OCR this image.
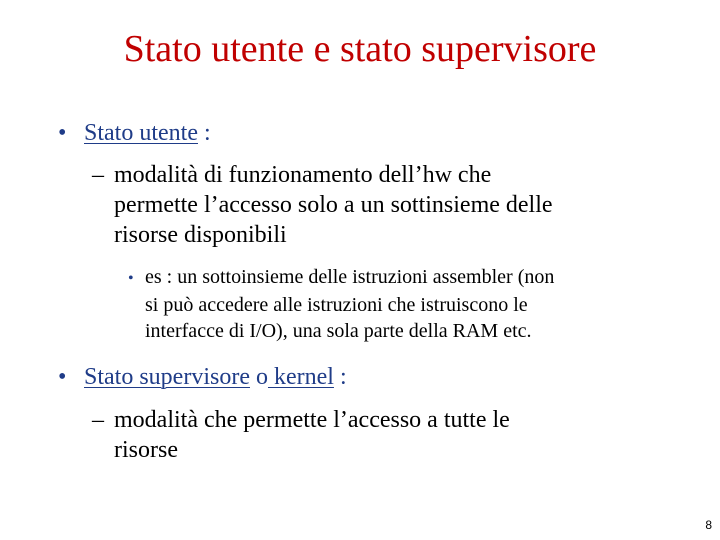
Stato utente e stato supervisore
• Stato utente :
– modalità di funzionamento dell’hw che
permette l’accesso solo a un sottinsieme delle
risorse disponibili
• es : un sottoinsieme delle istruzioni assembler (non
si può accedere alle istruzioni che istruiscono le
interfacce di I/O), una sola parte della RAM etc.
• Stato supervisore o kernel :
– modalità che permette l’accesso a tutte le
risorse
8
